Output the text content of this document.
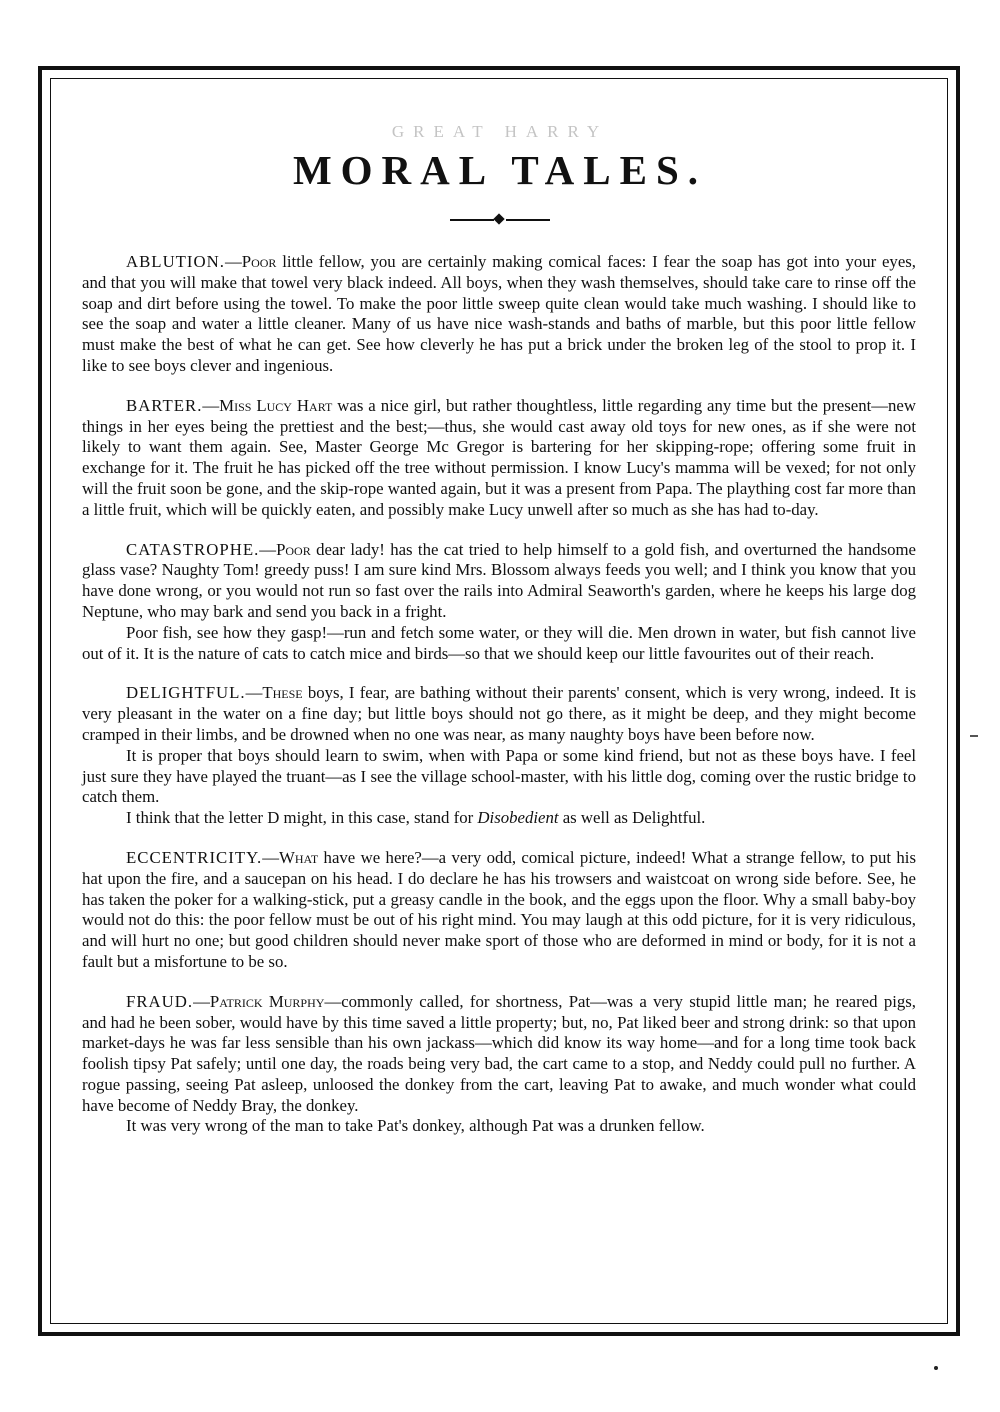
GREAT HARRY
MORAL TALES.

ABLUTION.—Poor little fellow, you are certainly making comical faces: I fear the soap has got into your eyes, and that you will make that towel very black indeed. All boys, when they wash themselves, should take care to rinse off the soap and dirt before using the towel. To make the poor little sweep quite clean would take much washing. I should like to see the soap and water a little cleaner. Many of us have nice wash-stands and baths of marble, but this poor little fellow must make the best of what he can get. See how cleverly he has put a brick under the broken leg of the stool to prop it. I like to see boys clever and ingenious.

BARTER.—Miss Lucy Hart was a nice girl, but rather thoughtless, little regarding any time but the present—new things in her eyes being the prettiest and the best;—thus, she would cast away old toys for new ones, as if she were not likely to want them again. See, Master George Mc Gregor is bartering for her skipping-rope; offering some fruit in exchange for it. The fruit he has picked off the tree without permission. I know Lucy's mamma will be vexed; for not only will the fruit soon be gone, and the skip-rope wanted again, but it was a present from Papa. The plaything cost far more than a little fruit, which will be quickly eaten, and possibly make Lucy unwell after so much as she has had to-day.

CATASTROPHE.—Poor dear lady! has the cat tried to help himself to a gold fish, and overturned the handsome glass vase? Naughty Tom! greedy puss! I am sure kind Mrs. Blossom always feeds you well; and I think you know that you have done wrong, or you would not run so fast over the rails into Admiral Seaworth's garden, where he keeps his large dog Neptune, who may bark and send you back in a fright.

Poor fish, see how they gasp!—run and fetch some water, or they will die. Men drown in water, but fish cannot live out of it. It is the nature of cats to catch mice and birds—so that we should keep our little favourites out of their reach.

DELIGHTFUL.—These boys, I fear, are bathing without their parents' consent, which is very wrong, indeed. It is very pleasant in the water on a fine day; but little boys should not go there, as it might be deep, and they might become cramped in their limbs, and be drowned when no one was near, as many naughty boys have been before now.

It is proper that boys should learn to swim, when with Papa or some kind friend, but not as these boys have. I feel just sure they have played the truant—as I see the village school-master, with his little dog, coming over the rustic bridge to catch them.

I think that the letter D might, in this case, stand for Disobedient as well as Delightful.

ECCENTRICITY.—What have we here?—a very odd, comical picture, indeed! What a strange fellow, to put his hat upon the fire, and a saucepan on his head. I do declare he has his trowsers and waistcoat on wrong side before. See, he has taken the poker for a walking-stick, put a greasy candle in the book, and the eggs upon the floor. Why a small baby-boy would not do this: the poor fellow must be out of his right mind. You may laugh at this odd picture, for it is very ridiculous, and will hurt no one; but good children should never make sport of those who are deformed in mind or body, for it is not a fault but a misfortune to be so.

FRAUD.—Patrick Murphy—commonly called, for shortness, Pat—was a very stupid little man; he reared pigs, and had he been sober, would have by this time saved a little property; but, no, Pat liked beer and strong drink: so that upon market-days he was far less sensible than his own jackass—which did know its way home—and for a long time took back foolish tipsy Pat safely; until one day, the roads being very bad, the cart came to a stop, and Neddy could pull no further. A rogue passing, seeing Pat asleep, unloosed the donkey from the cart, leaving Pat to awake, and much wonder what could have become of Neddy Bray, the donkey.

It was very wrong of the man to take Pat's donkey, although Pat was a drunken fellow.
